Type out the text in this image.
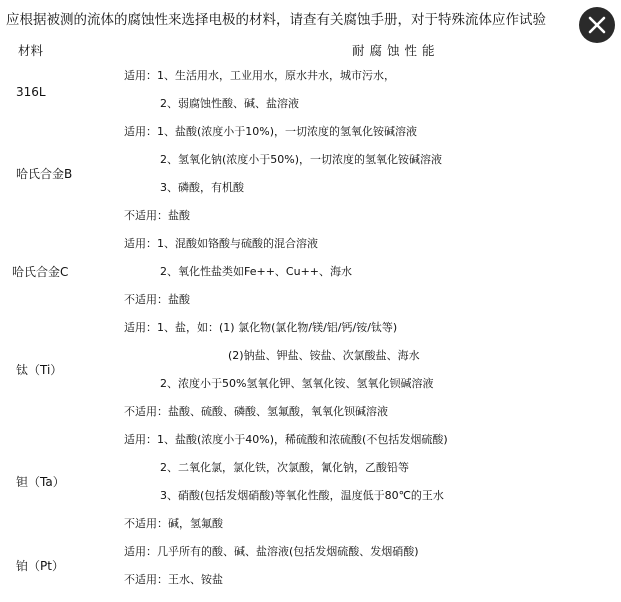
应根据被测的流体的腐蚀性来选择电极的材料，请查有关腐蚀手册，对于特殊流体应作试验
材料	耐腐蚀性能
316L
适用：1、生活用水，工业用水，原水井水，城市污水，
2、弱腐蚀性酸、碱、盐溶液
哈氏合金B
适用：1、盐酸(浓度小于10%)，一切浓度的氢氧化铵碱溶液
2、氢氧化钠(浓度小于50%)，一切浓度的氢氧化铵碱溶液
3、磷酸，有机酸
不适用：盐酸
哈氏合金C
适用：1、混酸如铬酸与硫酸的混合溶液
2、氧化性盐类如Fe++、Cu++、海水
不适用：盐酸
钛（Ti）
适用：1、盐，如：(1) 氯化物(氯化物/镁/铝/钙/铵/钛等)
(2)钠盐、钾盐、铵盐、次氯酸盐、海水
2、浓度小于50%氢氧化钾、氢氧化铵、氢氧化钡碱溶液
不适用：盐酸、硫酸、磷酸、氢氟酸，氧氧化钡碱溶液
钽（Ta）
适用：1、盐酸(浓度小于40%)，稀硫酸和浓硫酸(不包括发烟硫酸)
2、二氧化氯，氯化铁，次氯酸，氰化钠，乙酸铅等
3、硝酸(包括发烟硝酸)等氧化性酸，温度低于80℃的王水
不适用：碱，氢氟酸
铂（Pt）
适用：几乎所有的酸、碱、盐溶液(包括发烟硫酸、发烟硝酸)
不适用：王水、铵盐
